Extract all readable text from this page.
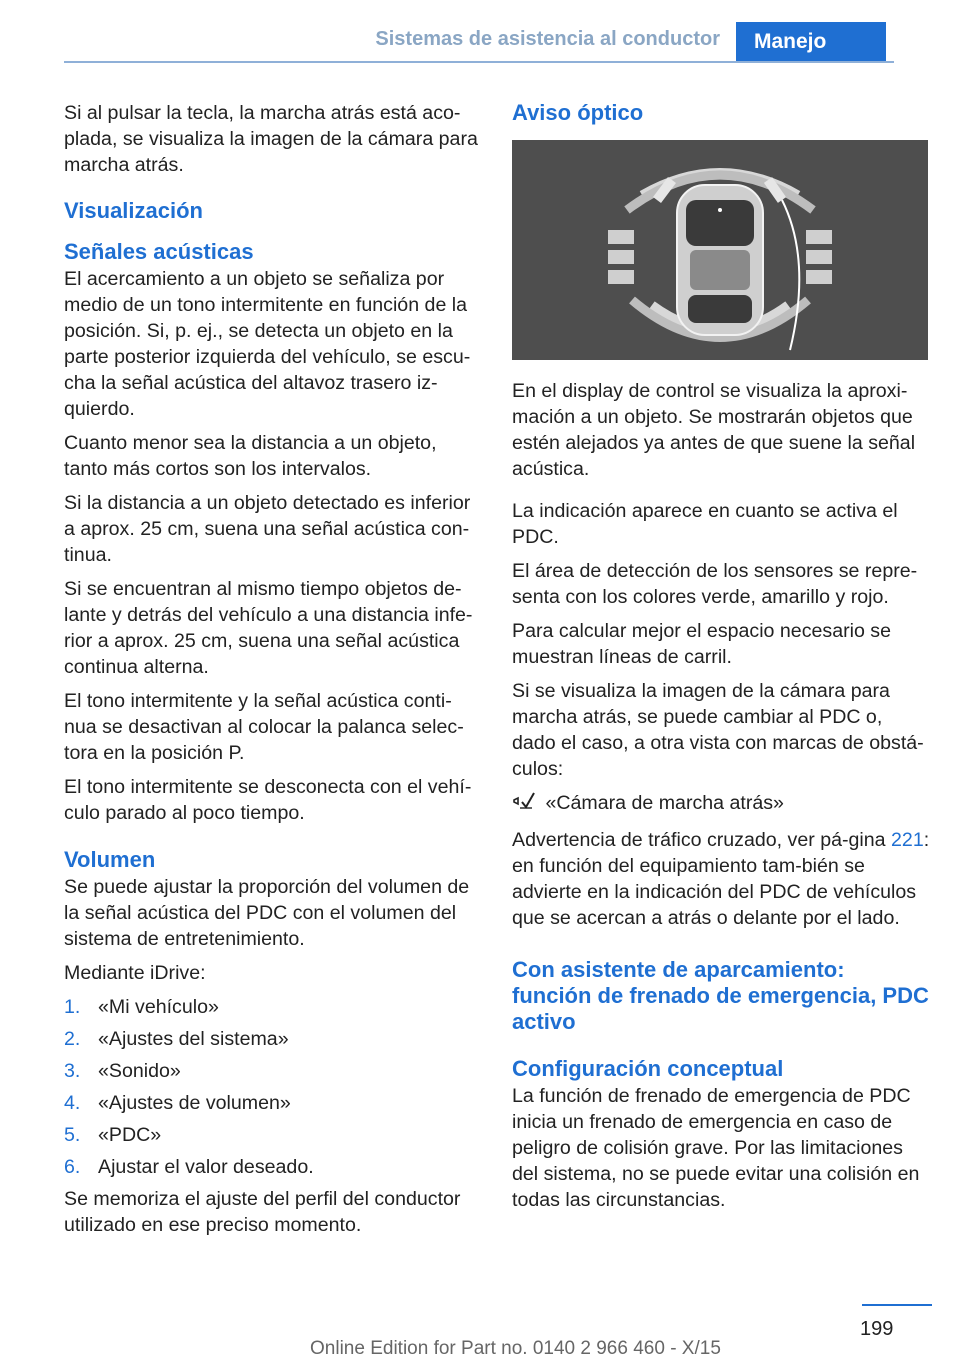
Sistemas de asistencia al conductor	Manejo

Si al pulsar la tecla, la marcha atrás está aco-plada, se visualiza la imagen de la cámara para marcha atrás.

Visualización
Señales acústicas

El acercamiento a un objeto se señaliza por medio de un tono intermitente en función de la posición. Si, p. ej., se detecta un objeto en la parte posterior izquierda del vehículo, se escu-cha la señal acústica del altavoz trasero iz-quierdo.

Cuanto menor sea la distancia a un objeto, tanto más cortos son los intervalos.

Si la distancia a un objeto detectado es inferior a aprox. 25 cm, suena una señal acústica con-tinua.

Si se encuentran al mismo tiempo objetos de-lante y detrás del vehículo a una distancia infe-rior a aprox. 25 cm, suena una señal acústica continua alterna.

El tono intermitente y la señal acústica conti-nua se desactivan al colocar la palanca selec-tora en la posición P.

El tono intermitente se desconecta con el vehí-culo parado al poco tiempo.

Volumen

Se puede ajustar la proporción del volumen de la señal acústica del PDC con el volumen del sistema de entretenimiento.

Mediante iDrive:

1. «Mi vehículo»
2. «Ajustes del sistema»
3. «Sonido»
4. «Ajustes de volumen»
5. «PDC»
6. Ajustar el valor deseado.

Se memoriza el ajuste del perfil del conductor utilizado en ese preciso momento.

Aviso óptico

En el display de control se visualiza la aproxi-mación a un objeto. Se mostrarán objetos que estén alejados ya antes de que suene la señal acústica.

La indicación aparece en cuanto se activa el PDC.

El área de detección de los sensores se repre-senta con los colores verde, amarillo y rojo.

Para calcular mejor el espacio necesario se muestran líneas de carril.

Si se visualiza la imagen de la cámara para marcha atrás, se puede cambiar al PDC o, dado el caso, a otra vista con marcas de obstá-culos:

«Cámara de marcha atrás»

Advertencia de tráfico cruzado, ver pá-gina 221: en función del equipamiento tam-bién se advierte en la indicación del PDC de vehículos que se acercan a atrás o delante por el lado.

Con asistente de aparcamiento: función de frenado de emergencia, PDC activo
Configuración conceptual

La función de frenado de emergencia de PDC inicia un frenado de emergencia en caso de peligro de colisión grave. Por las limitaciones del sistema, no se puede evitar una colisión en todas las circunstancias.

199
Online Edition for Part no. 0140 2 966 460 - X/15
